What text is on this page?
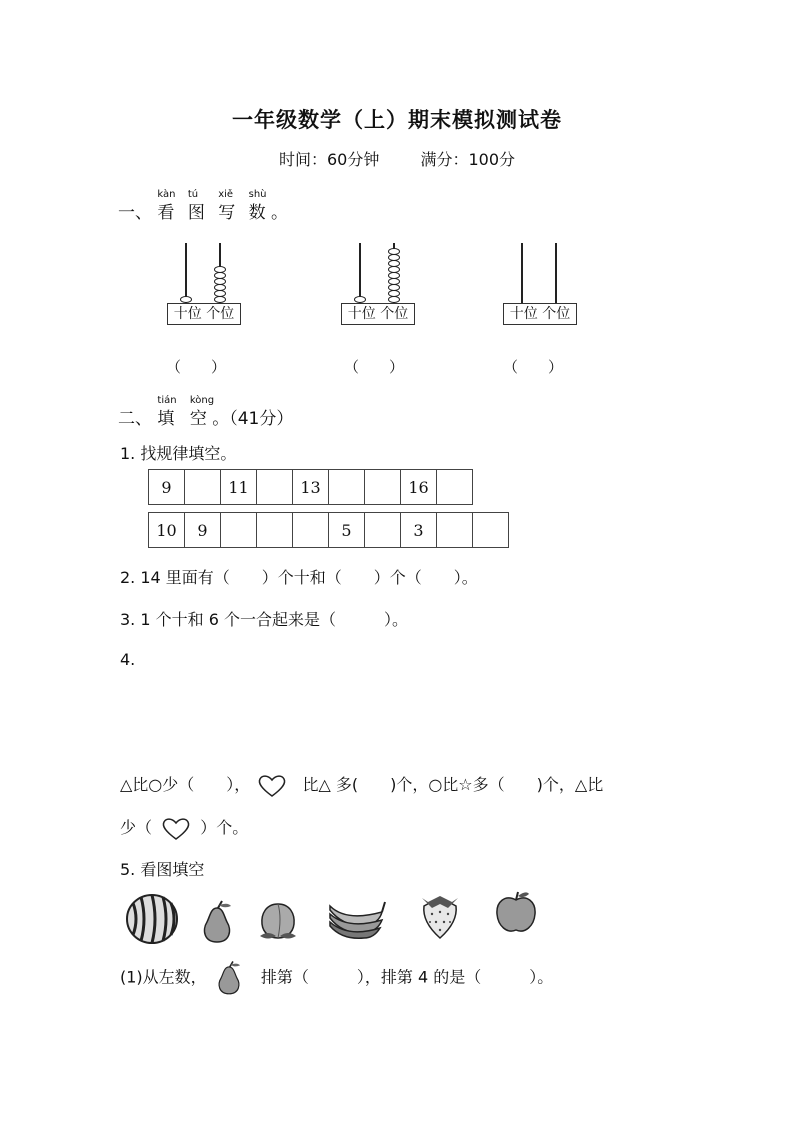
一年级数学（上）期末模拟测试卷
时间：60分钟	满分：100分
一、
kàn
看
tú
图
xiě
写
shù
数 。
十位 个位	十位 个位	十位 个位
（　　）	（　　）	（　　）
二、
tián
填
kòng
空 。（41分）
1. 找规律填空。
9		11		13			16	
10	9				5		3		
2. 14 里面有（　　）个十和（　　）个（　　）。
3. 1 个十和 6 个一合起来是（　　　）。
4.
△比○少（　　），	比△ 多(　　)个，○比☆多（　　)个，△比
少（	）个。
5. 看图填空
(1)从左数，	排第（　　　），排第 4 的是（　　　）。
